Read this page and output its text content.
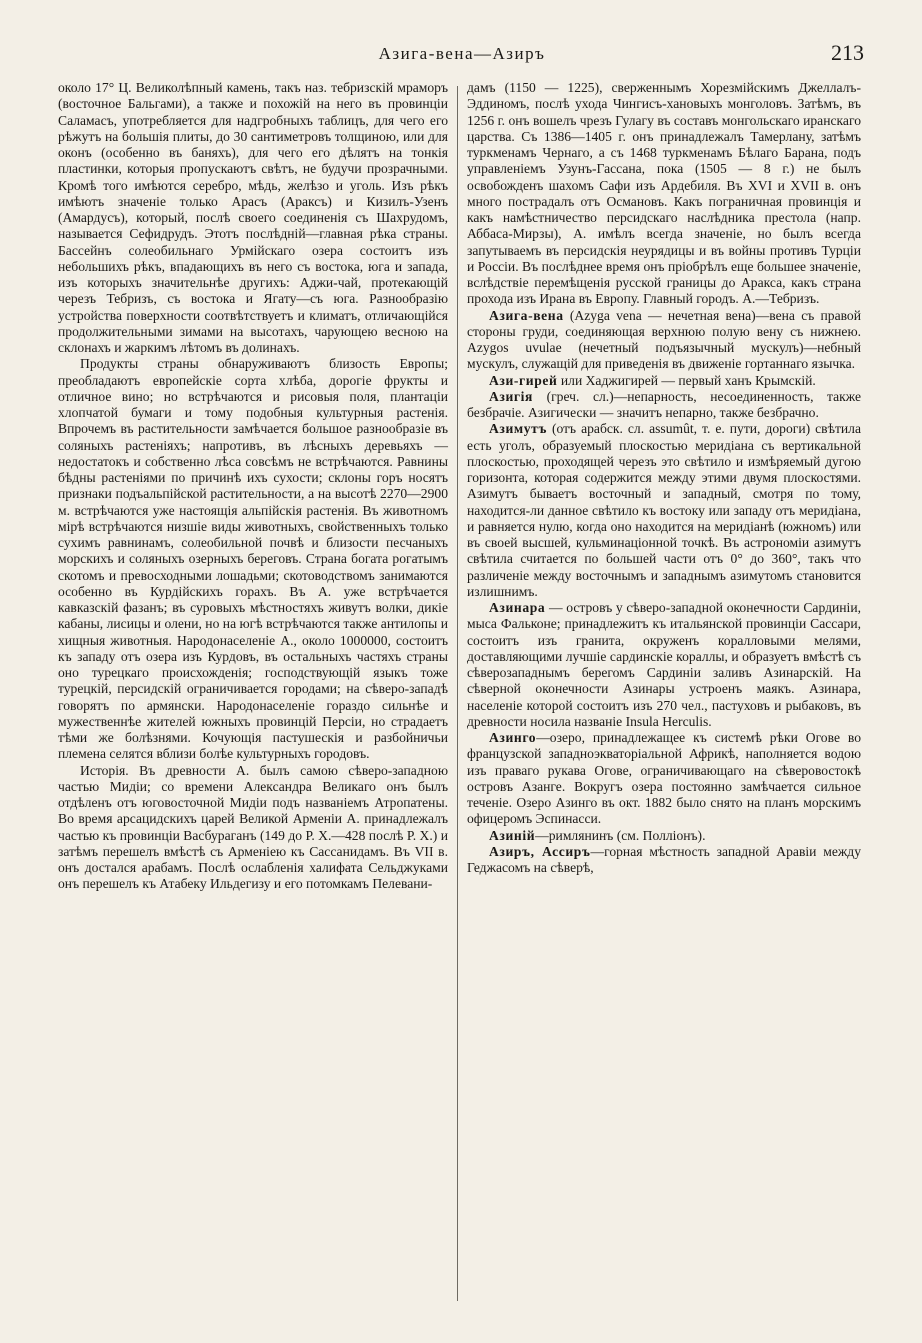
Азига-вена—Азиръ	213

около 17° Ц. Великолѣпный камень, такъ наз. тебризскій мраморъ (восточное Бальгами), а также и похожій на него въ провинціи Саламасъ, употребляется для надгробныхъ таблицъ, для чего его рѣжутъ на большія плиты, до 30 сантиметровъ толщиною, или для оконъ (особенно въ баняхъ), для чего его дѣлятъ на тонкія пластинки, которыя пропускаютъ свѣтъ, не будучи прозрачными. Кромѣ того имѣются серебро, мѣдь, желѣзо и уголь. Изъ рѣкъ имѣютъ значеніе только Арасъ (Араксъ) и Кизилъ-Узенъ (Амардусъ), который, послѣ своего соединенія съ Шахрудомъ, называется Сефидрудъ. Этотъ послѣдній—главная рѣка страны. Бассейнъ солеобильнаго Урмійскаго озера состоитъ изъ небольшихъ рѣкъ, впадающихъ въ него съ востока, юга и запада, изъ которыхъ значительнѣе другихъ: Аджи-чай, протекающій черезъ Тебризъ, съ востока и Ягату—съ юга. Разнообразію устройства поверхности соотвѣтствуетъ и климатъ, отличающійся продолжительными зимами на высотахъ, чарующею весною на склонахъ и жаркимъ лѣтомъ въ долинахъ.

Продукты страны обнаруживаютъ близость Европы; преобладаютъ европейскіе сорта хлѣба, дорогіе фрукты и отличное вино; но встрѣчаются и рисовыя поля, плантаціи хлопчатой бумаги и тому подобныя культурныя растенія. Впрочемъ въ растительности замѣчается большое разнообразіе въ соляныхъ растеніяхъ; напротивъ, въ лѣсныхъ деревьяхъ — недостатокъ и собственно лѣса совсѣмъ не встрѣчаются. Равнины бѣдны растеніями по причинѣ ихъ сухости; склоны горъ носятъ признаки подъальпійской растительности, а на высотѣ 2270—2900 м. встрѣчаются уже настоящія альпійскія растенія. Въ животномъ мірѣ встрѣчаются низшіе виды животныхъ, свойственныхъ только сухимъ равнинамъ, солеобильной почвѣ и близости песчаныхъ морскихъ и соляныхъ озерныхъ береговъ. Страна богата рогатымъ скотомъ и превосходными лошадьми; скотоводствомъ занимаются особенно въ Курдійскихъ горахъ. Въ А. уже встрѣчается кавказскій фазанъ; въ суровыхъ мѣстностяхъ живутъ волки, дикіе кабаны, лисицы и олени, но на югѣ встрѣчаются также антилопы и хищныя животныя. Народонаселеніе А., около 1000000, состоитъ къ западу отъ озера изъ Курдовъ, въ остальныхъ частяхъ страны оно турецкаго происхожденія; господствующій языкъ тоже турецкій, персидскій ограничивается городами; на сѣверо-западѣ говорятъ по армянски. Народонаселеніе гораздо сильнѣе и мужественнѣе жителей южныхъ провинцій Персіи, но страдаетъ тѣми же болѣзнями. Кочующія пастушескія и разбойничьи племена селятся вблизи болѣе культурныхъ городовъ.

Исторія. Въ древности А. былъ самою сѣверо-западною частью Мидіи; со времени Александра Великаго онъ былъ отдѣленъ отъ юговосточной Мидіи подъ названіемъ Атропатены. Во время арсацидскихъ царей Великой Арменіи А. принадлежалъ частью къ провинціи Васбураганъ (149 до Р. Х.—428 послѣ Р. Х.) и затѣмъ перешелъ вмѣстѣ съ Арменіею къ Сассанидамъ. Въ VII в. онъ достался арабамъ. Послѣ ослабленія халифата Сельджуками онъ перешелъ къ Атабеку Ильдегизу и его потомкамъ Пелевани-

дамъ (1150 — 1225), сверженнымъ Хорезмійскимъ Джеллалъ-Эддиномъ, послѣ ухода Чингисъ-хановыхъ монголовъ. Затѣмъ, въ 1256 г. онъ вошелъ чрезъ Гулагу въ составъ монгольскаго иранскаго царства. Съ 1386—1405 г. онъ принадлежалъ Тамерлану, затѣмъ туркменамъ Чернаго, а съ 1468 туркменамъ Бѣлаго Барана, подъ управленіемъ Узунъ-Гассана, пока (1505 — 8 г.) не былъ освобожденъ шахомъ Сафи изъ Ардебиля. Въ XVI и XVII в. онъ много пострадалъ отъ Османовъ. Какъ пограничная провинція и какъ намѣстничество персидскаго наслѣдника престола (напр. Аббаса-Мирзы), А. имѣлъ всегда значеніе, но былъ всегда запутываемъ въ персидскія неурядицы и въ войны противъ Турціи и Россіи. Въ послѣднее время онъ пріобрѣлъ еще большее значеніе, вслѣдствіе перемѣщенія русской границы до Аракса, какъ страна прохода изъ Ирана въ Европу. Главный городъ. А.—Тебризъ.

Азига-вена (Azyga vena — нечетная вена)—вена съ правой стороны груди, соединяющая верхнюю полую вену съ нижнею. Azygos uvulae (нечетный подъязычный мускулъ)—небный мускулъ, служащій для приведенія въ движеніе гортаннаго язычка.

Ази-гирей или Хаджигирей — первый ханъ Крымскій.

Азигія (греч. сл.)—непарность, несоединенность, также безбрачіе. Азигически — значитъ непарно, также безбрачно.

Азимутъ (отъ арабск. сл. assumût, т. е. пути, дороги) свѣтила есть уголъ, образуемый плоскостью меридіана съ вертикальной плоскостью, проходящей черезъ это свѣтило и измѣряемый дугою горизонта, которая содержится между этими двумя плоскостями. Азимутъ бываетъ восточный и западный, смотря по тому, находится-ли данное свѣтило къ востоку или западу отъ меридіана, и равняется нулю, когда оно находится на меридіанѣ (южномъ) или въ своей высшей, кульминаціонной точкѣ. Въ астрономіи азимутъ свѣтила считается по большей части отъ 0° до 360°, такъ что различеніе между восточнымъ и западнымъ азимутомъ становится излишнимъ.

Азинара — островъ у сѣверо-западной оконечности Сардиніи, мыса Фальконе; принадлежитъ къ итальянской провинціи Сассари, состоитъ изъ гранита, окруженъ коралловыми мелями, доставляющими лучшіе сардинскіе кораллы, и образуетъ вмѣстѣ съ сѣверозападнымъ берегомъ Сардиніи заливъ Азинарскій. На сѣверной оконечности Азинары устроенъ маякъ. Азинара, населеніе которой состоитъ изъ 270 чел., пастуховъ и рыбаковъ, въ древности носила названіе Insula Herculis.

Азинго—озеро, принадлежащее къ системѣ рѣки Огове во французской западноэкваторіальной Африкѣ, наполняется водою изъ праваго рукава Огове, ограничивающаго на сѣверовостокѣ островъ Азанге. Вокругъ озера постоянно замѣчается сильное теченіе. Озеро Азинго въ окт. 1882 было снято на планъ морскимъ офицеромъ Эспинасси.

Азиній—римлянинъ (см. Полліонъ).

Азиръ, Ассиръ—горная мѣстность западной Аравіи между Геджасомъ на сѣверѣ,
